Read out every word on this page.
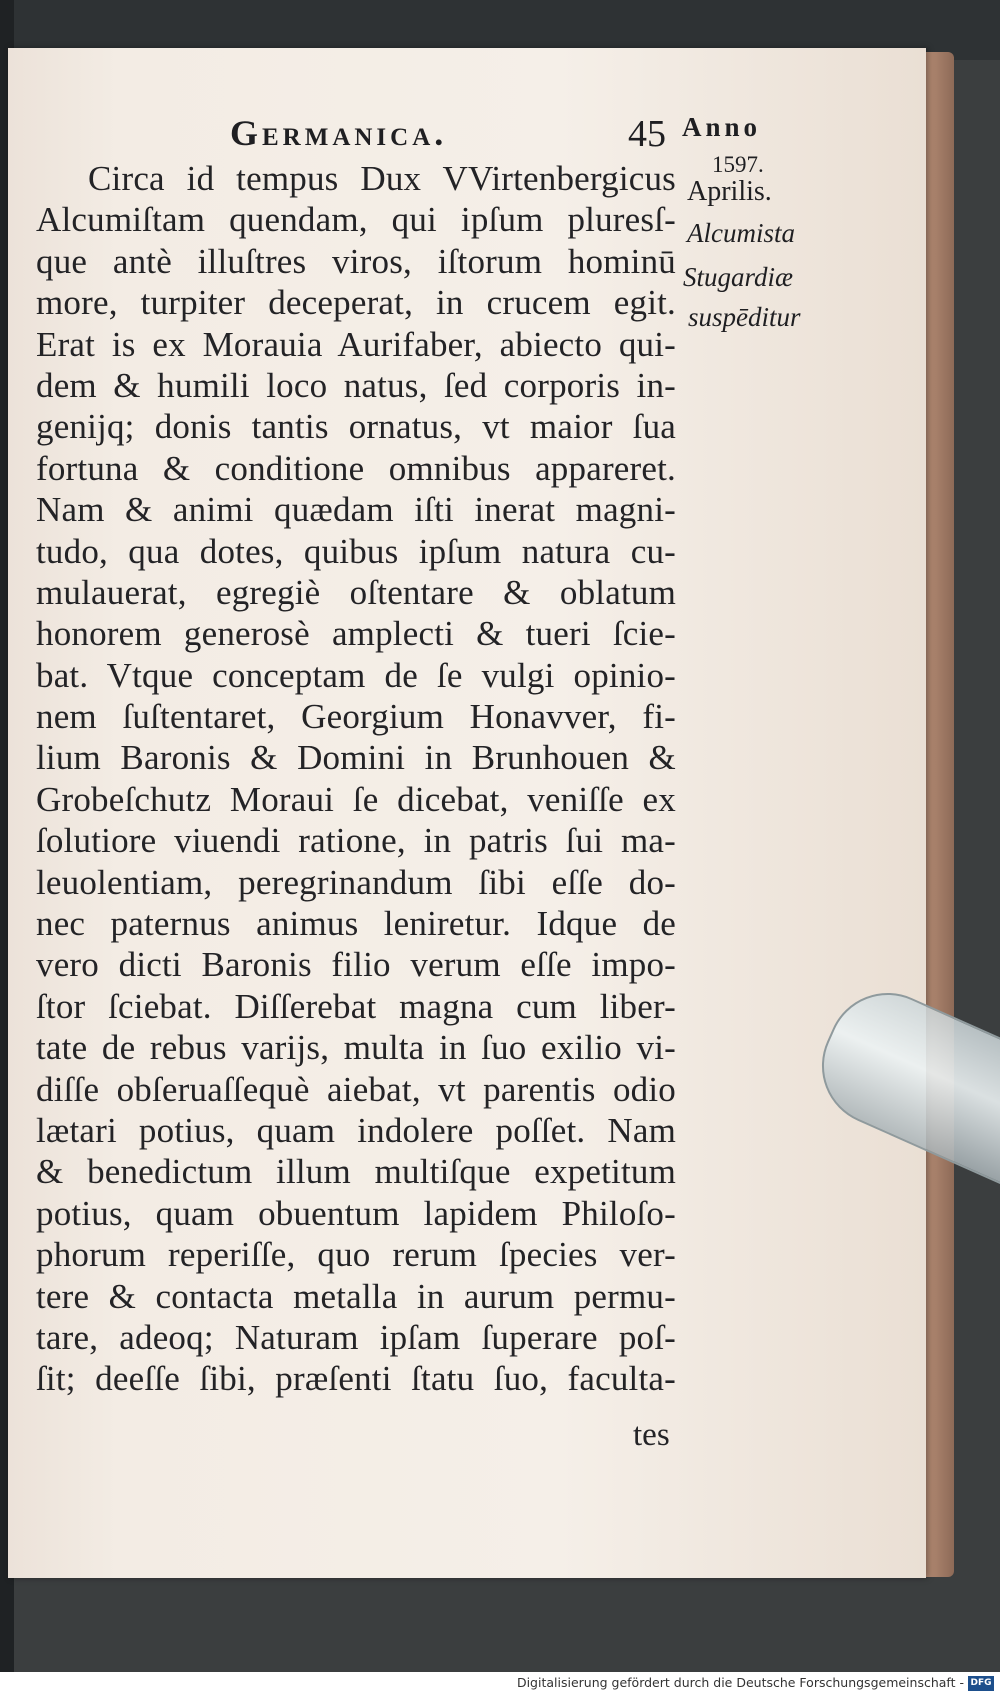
Germanica.	45 Anno
1597.
Aprilis.
Alcumista
Stugardiæ
suspēditur
Circa id tempus Dux VVirtenbergicus
Alcumiſtam quendam, qui ipſum pluresſ-
que antè illuſtres viros, iſtorum hominū
more, turpiter deceperat, in crucem egit.
Erat is ex Morauia Aurifaber, abiecto qui-
dem & humili loco natus, ſed corporis in-
genijq; donis tantis ornatus, vt maior ſua
fortuna & conditione omnibus appareret.
Nam & animi quædam iſti inerat magni-
tudo, qua dotes, quibus ipſum natura cu-
mulauerat, egregiè oſtentare & oblatum
honorem generosè amplecti & tueri ſcie-
bat. Vtque conceptam de ſe vulgi opinio-
nem ſuſtentaret, Georgium Honavver, fi-
lium Baronis & Domini in Brunhouen &
Grobeſchutz Moraui ſe dicebat, veniſſe ex
ſolutiore viuendi ratione, in patris ſui ma-
leuolentiam, peregrinandum ſibi eſſe do-
nec paternus animus leniretur. Idque de
vero dicti Baronis filio verum eſſe impo-
ſtor ſciebat. Diſſerebat magna cum liber-
tate de rebus varijs, multa in ſuo exilio vi-
diſſe obſeruaſſequè aiebat, vt parentis odio
lætari potius, quam indolere poſſet. Nam
& benedictum illum multiſque expetitum
potius, quam obuentum lapidem Philoſo-
phorum reperiſſe, quo rerum ſpecies ver-
tere & contacta metalla in aurum permu-
tare, adeoq; Naturam ipſam ſuperare poſ-
ſit; deeſſe ſibi, præſenti ſtatu ſuo, faculta-
tes
Digitalisierung gefördert durch die Deutsche Forschungsgemeinschaft - DFG
